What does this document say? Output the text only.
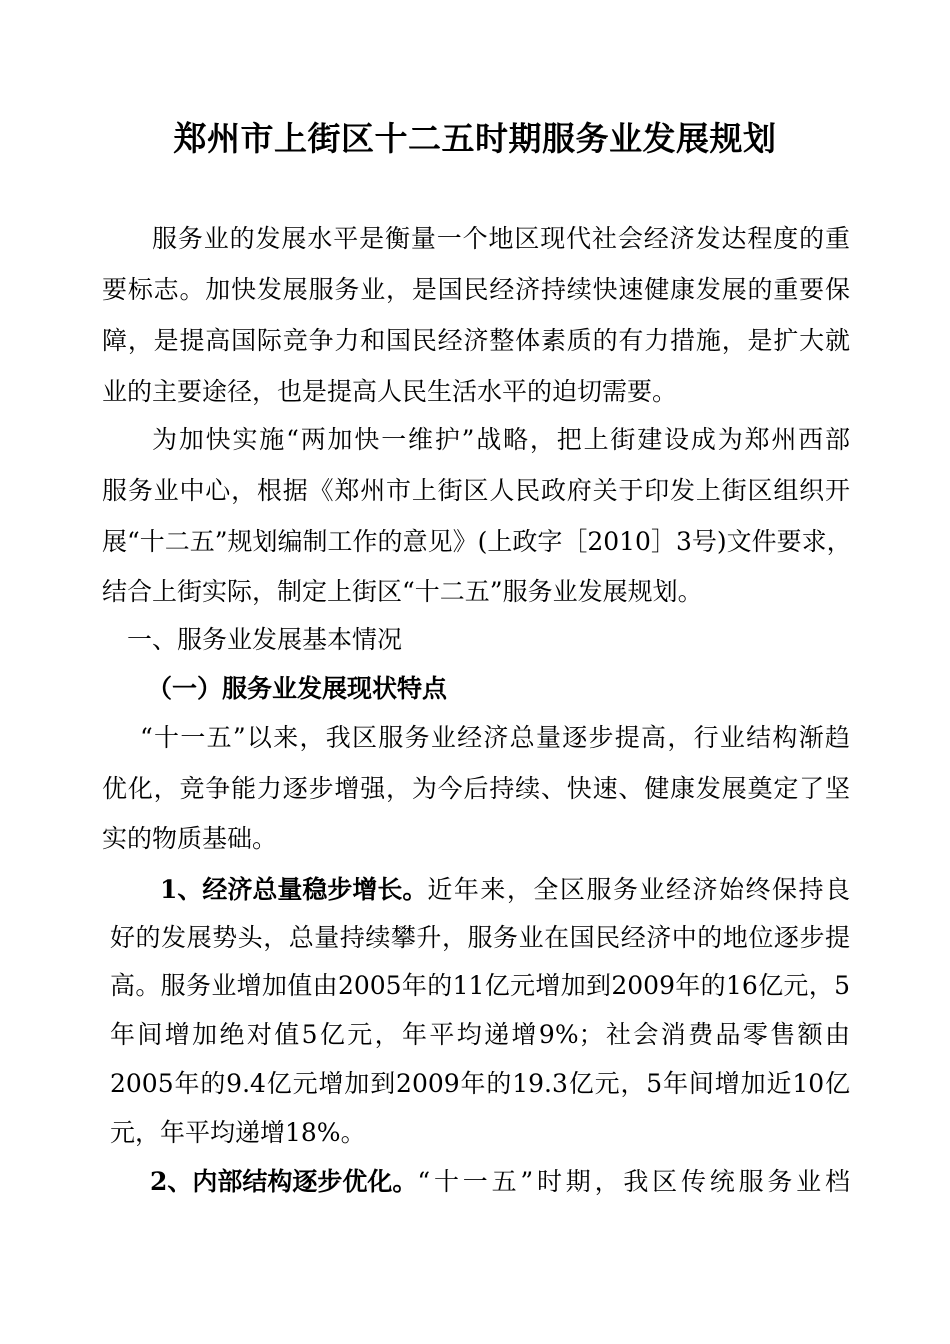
郑州市上街区十二五时期服务业发展规划
服务业的发展水平是衡量一个地区现代社会经济发达程度的重
要标志。加快发展服务业，是国民经济持续快速健康发展的重要保
障，是提高国际竞争力和国民经济整体素质的有力措施，是扩大就
业的主要途径，也是提高人民生活水平的迫切需要。
为加快实施“两加快一维护”战略，把上街建设成为郑州西部
服务业中心，根据《郑州市上街区人民政府关于印发上街区组织开
展“十二五”规划编制工作的意见》(上政字［2010］3号)文件要求，
结合上街实际，制定上街区“十二五”服务业发展规划。
一、服务业发展基本情况
（一）服务业发展现状特点
“十一五”以来，我区服务业经济总量逐步提高，行业结构渐趋
优化，竞争能力逐步增强，为今后持续、快速、健康发展奠定了坚
实的物质基础。
1、经济总量稳步增长。 近年来，全区服务业经济始终保持良
好的发展势头，总量持续攀升，服务业在国民经济中的地位逐步提
高。服务业增加值由2005年的11亿元增加到2009年的16亿元，5
年间增加绝对值5亿元，年平均递增9%；社会消费品零售额由
2005年的9.4亿元增加到2009年的19.3亿元，5年间增加近10亿
元，年平均递增18%。
2、内部结构逐步优化。 “十一五”时期，我区传统服务业档
